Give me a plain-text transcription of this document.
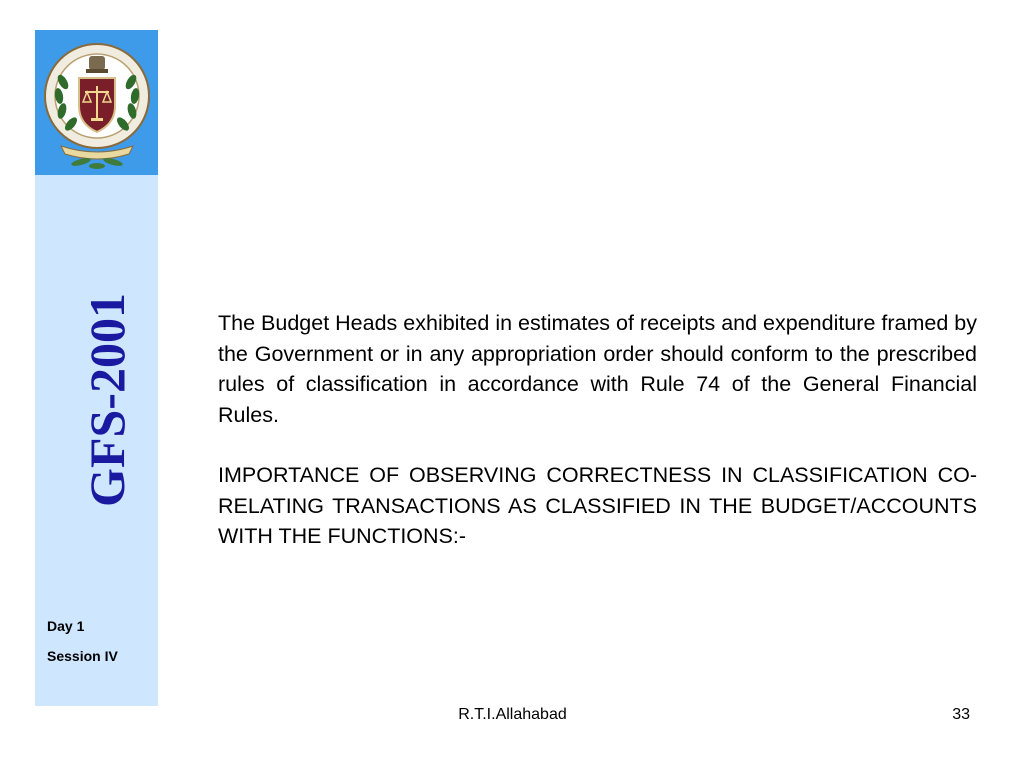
GFS-2001
Day 1
Session IV

The Budget Heads exhibited in estimates of receipts and expenditure framed by the Government or in any appropriation order should conform to the prescribed rules of classification in accordance with Rule 74 of the General Financial Rules.

IMPORTANCE OF OBSERVING CORRECTNESS IN CLASSIFICATION CO-RELATING TRANSACTIONS AS CLASSIFIED IN THE BUDGET/ACCOUNTS WITH THE FUNCTIONS:-

R.T.I.Allahabad	33
